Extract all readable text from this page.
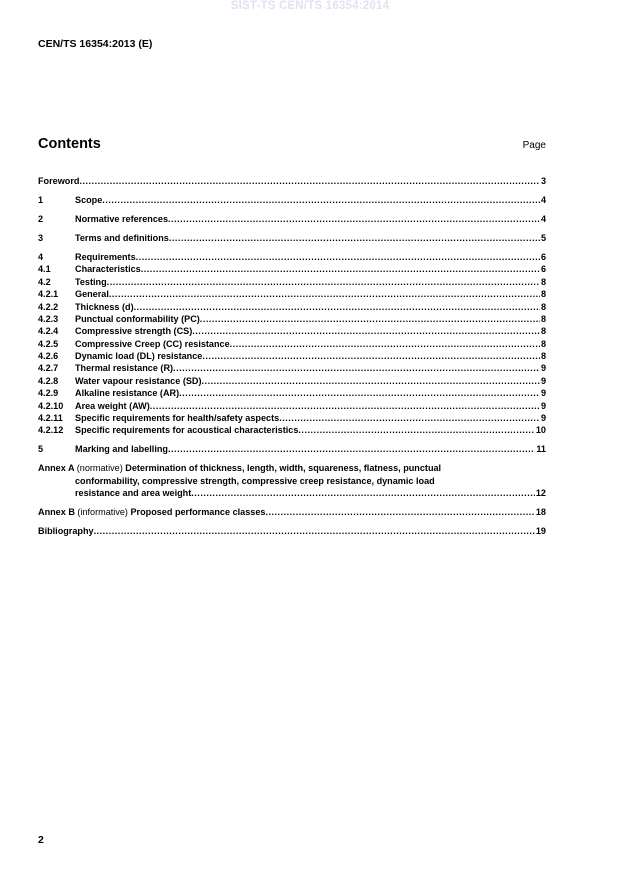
SIST-TS CEN/TS 16354:2014
CEN/TS 16354:2013 (E)
Contents	Page
Foreword .....	3
1	Scope .....	4
2	Normative references .....	4
3	Terms and definitions .....	5
4	Requirements .....	6
4.1	Characteristics .....	6
4.2	Testing .....	8
4.2.1	General .....	8
4.2.2	Thickness (d) .....	8
4.2.3	Punctual conformability (PC) .....	8
4.2.4	Compressive strength (CS) .....	8
4.2.5	Compressive Creep (CC) resistance .....	8
4.2.6	Dynamic load (DL) resistance .....	8
4.2.7	Thermal resistance (R) .....	9
4.2.8	Water vapour resistance (SD) .....	9
4.2.9	Alkaline resistance (AR) .....	9
4.2.10	Area weight (AW) .....	9
4.2.11	Specific requirements for health/safety aspects .....	9
4.2.12	Specific requirements for acoustical characteristics .....	10
5	Marking and labelling .....	11
Annex A (normative) Determination of thickness, length, width, squareness, flatness, punctual
conformability, compressive strength, compressive creep resistance, dynamic load
resistance and area weight .....	12
Annex B (informative) Proposed performance classes .....	18
Bibliography .....	19
2
